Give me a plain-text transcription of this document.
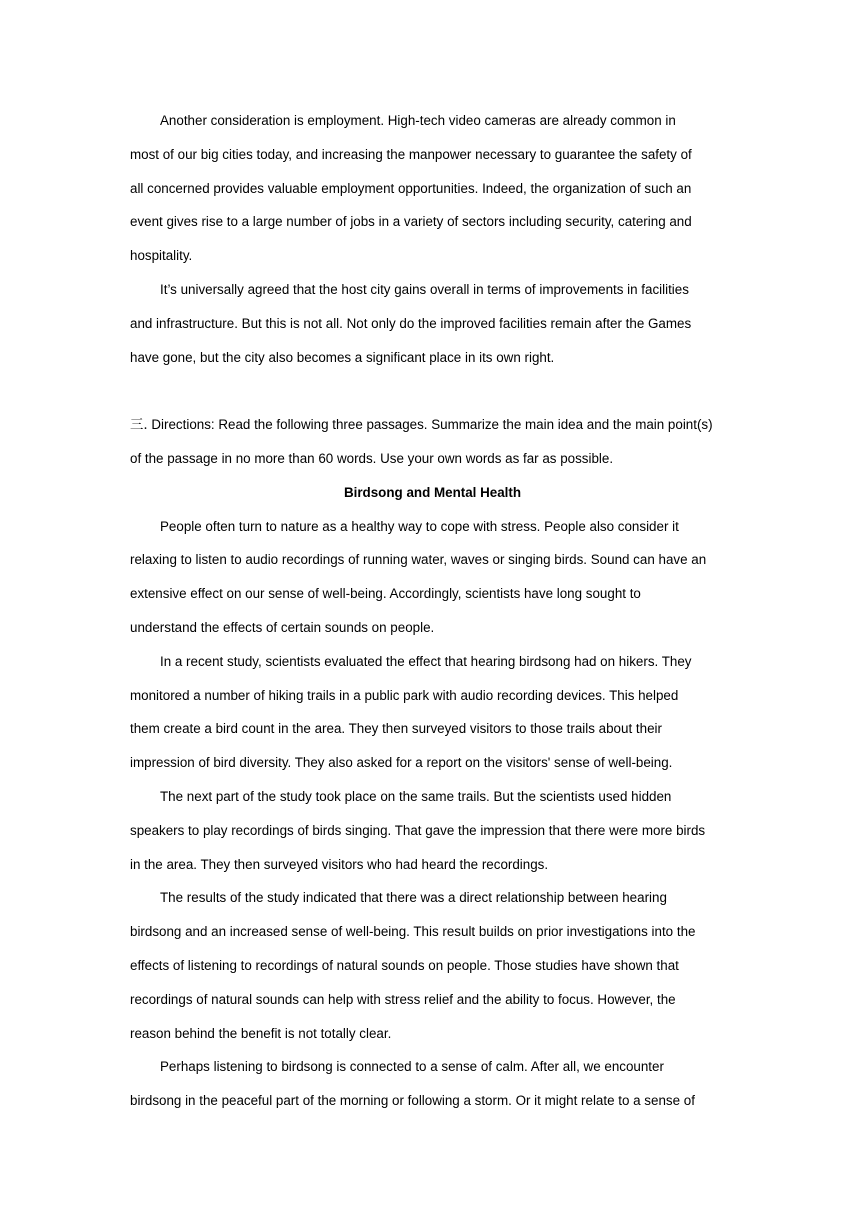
Another consideration is employment. High-tech video cameras are already common in
most of our big cities today, and increasing the manpower necessary to guarantee the safety of
all concerned provides valuable employment opportunities. Indeed, the organization of such an
event gives rise to a large number of jobs in a variety of sectors including security, catering and
hospitality.
It’s universally agreed that the host city gains overall in terms of improvements in facilities
and infrastructure. But this is not all. Not only do the improved facilities remain after the Games
have gone, but the city also becomes a significant place in its own right.
三. Directions: Read the following three passages. Summarize the main idea and the main point(s)
of the passage in no more than 60 words. Use your own words as far as possible.
Birdsong and Mental Health
People often turn to nature as a healthy way to cope with stress. People also consider it
relaxing to listen to audio recordings of running water, waves or singing birds. Sound can have an
extensive effect on our sense of well-being. Accordingly, scientists have long sought to
understand the effects of certain sounds on people.
In a recent study, scientists evaluated the effect that hearing birdsong had on hikers. They
monitored a number of hiking trails in a public park with audio recording devices. This helped
them create a bird count in the area. They then surveyed visitors to those trails about their
impression of bird diversity. They also asked for a report on the visitors' sense of well-being.
The next part of the study took place on the same trails. But the scientists used hidden
speakers to play recordings of birds singing. That gave the impression that there were more birds
in the area. They then surveyed visitors who had heard the recordings.
The results of the study indicated that there was a direct relationship between hearing
birdsong and an increased sense of well-being. This result builds on prior investigations into the
effects of listening to recordings of natural sounds on people. Those studies have shown that
recordings of natural sounds can help with stress relief and the ability to focus. However, the
reason behind the benefit is not totally clear.
Perhaps listening to birdsong is connected to a sense of calm. After all, we encounter
birdsong in the peaceful part of the morning or following a storm. Or it might relate to a sense of
